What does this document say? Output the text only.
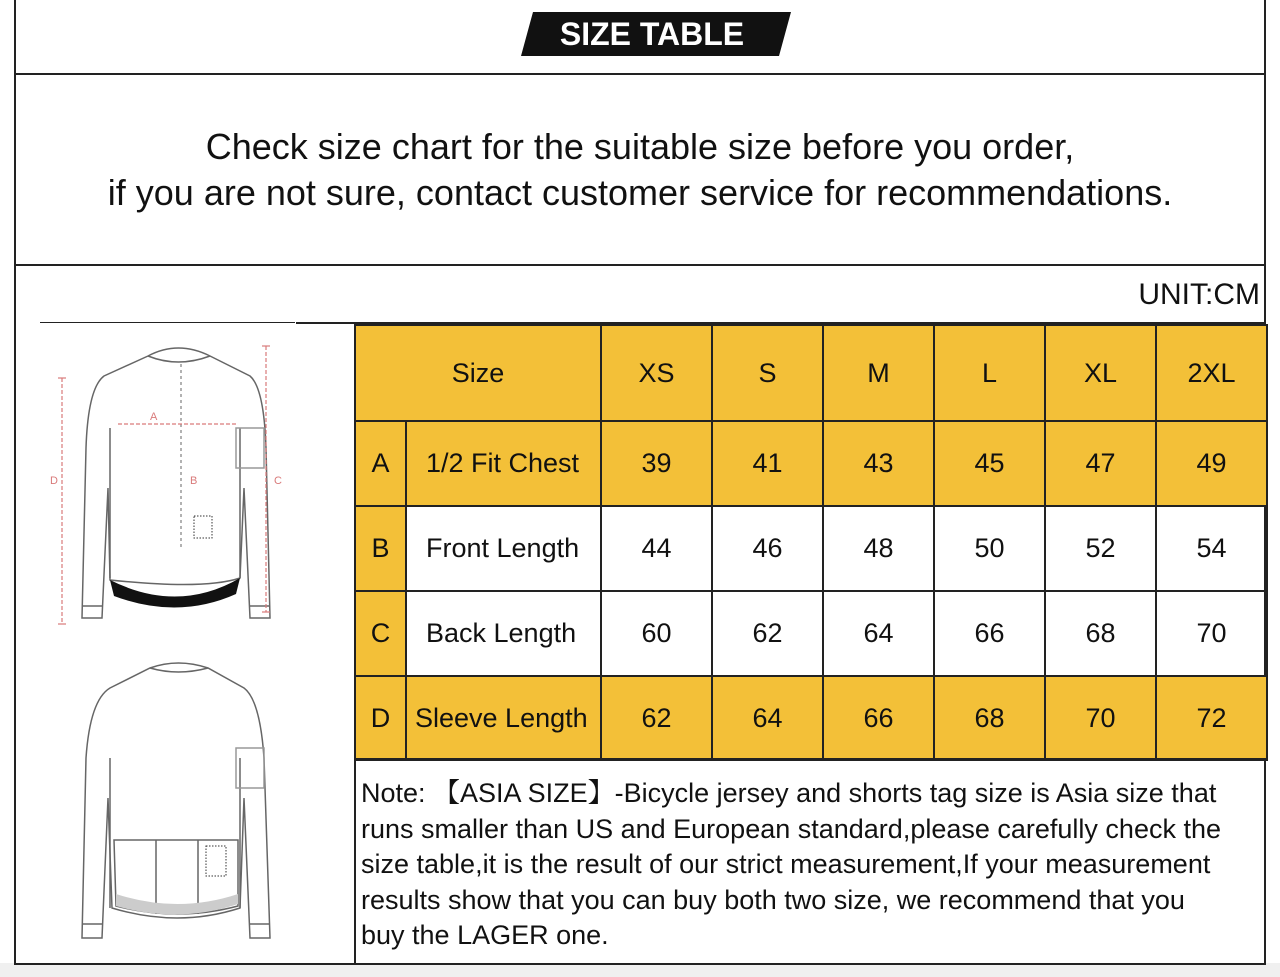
SIZE TABLE
Check size chart for the suitable size before you order,
if you are not sure, contact customer service for recommendations.
UNIT:CM
A
B	C
D
Size		XS	S	M	L	XL	2XL
A	1/2 Fit Chest	39	41	43	45	47	49
B	Front Length	44	46	48	50	52	54
C	Back Length	60	62	64	66	68	70
D	Sleeve Length	62	64	66	68	70	72
Note: 【ASIA SIZE】-Bicycle jersey and shorts tag size is Asia size that
runs smaller than US and European standard,please carefully check the
size table,it is the result of our strict measurement,If your measurement
results show that you can buy both two size, we recommend that you
buy the LAGER one.
